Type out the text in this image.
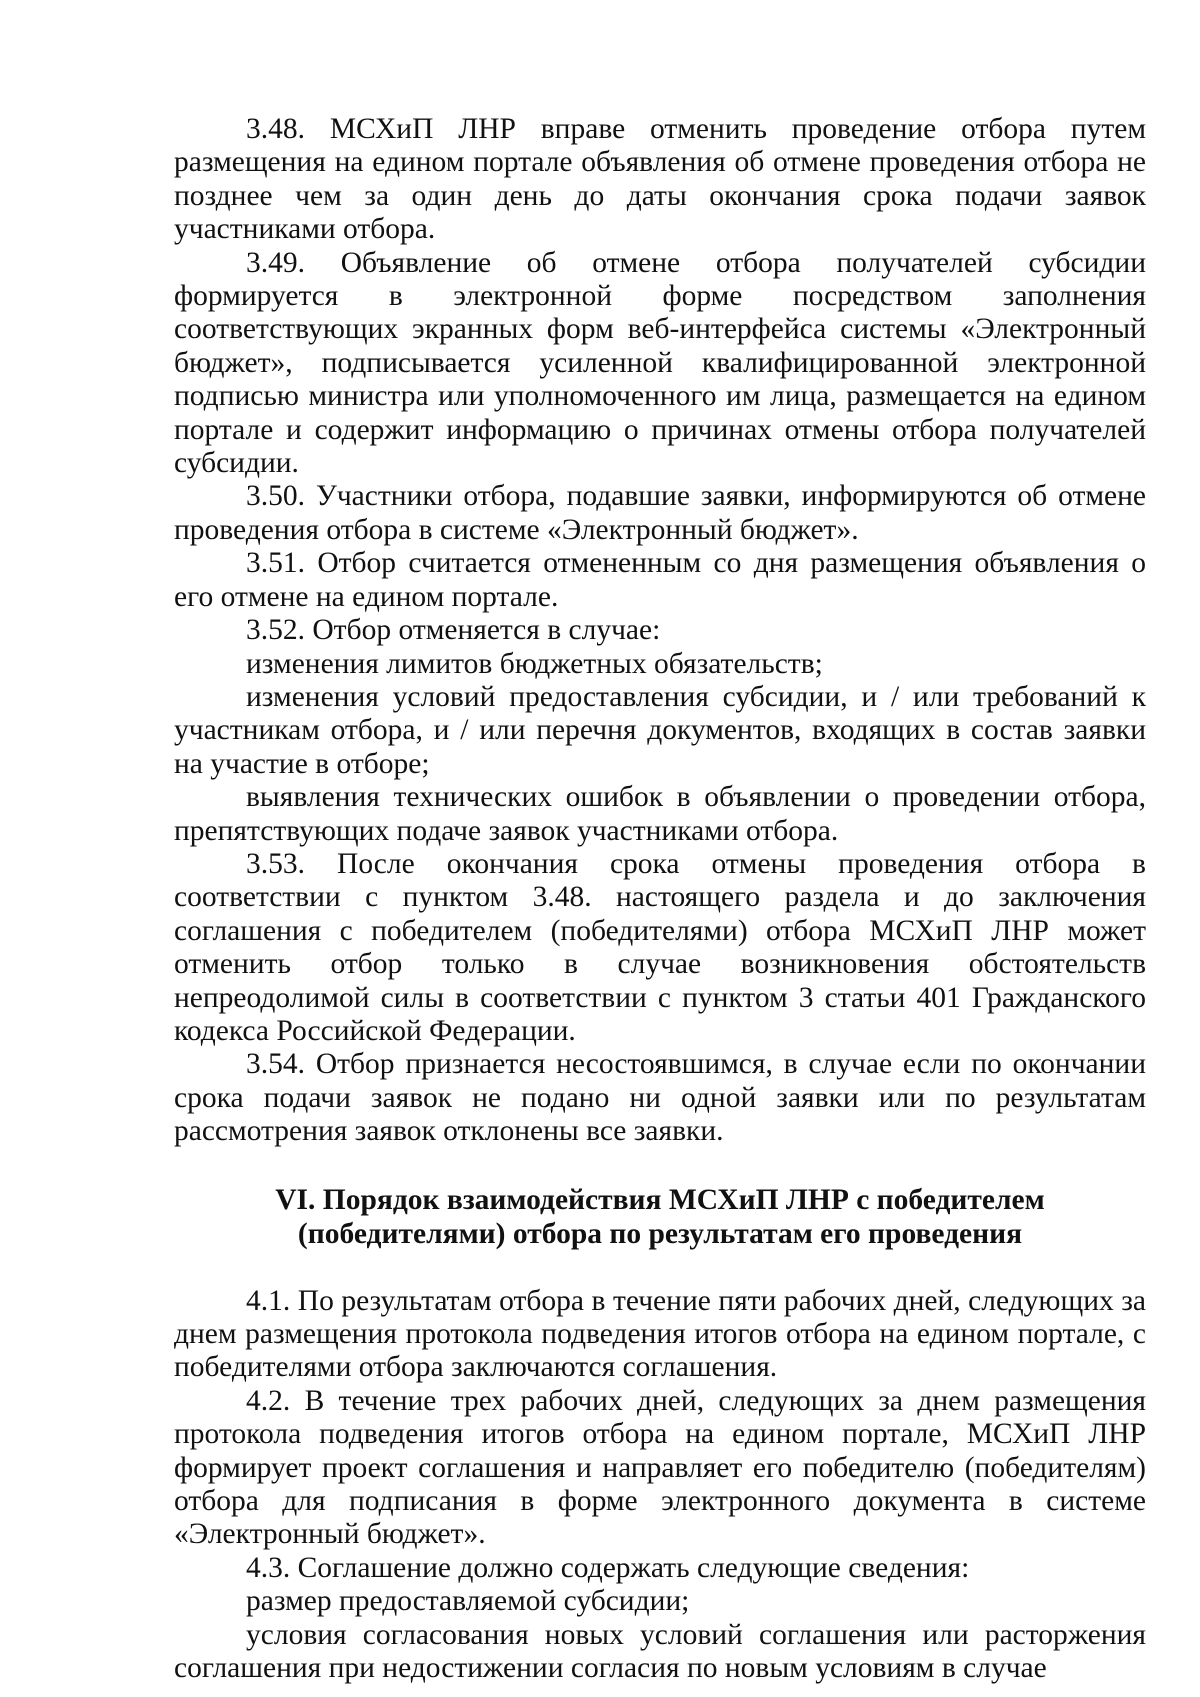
3.48. МСХиП ЛНР вправе отменить проведение отбора путем размещения на едином портале объявления об отмене проведения отбора не позднее чем за один день до даты окончания срока подачи заявок участниками отбора.

3.49. Объявление об отмене отбора получателей субсидии формируется в электронной форме посредством заполнения соответствующих экранных форм веб-интерфейса системы «Электронный бюджет», подписывается усиленной квалифицированной электронной подписью министра или уполномоченного им лица, размещается на едином портале и содержит информацию о причинах отмены отбора получателей субсидии.

3.50. Участники отбора, подавшие заявки, информируются об отмене проведения отбора в системе «Электронный бюджет».

3.51. Отбор считается отмененным со дня размещения объявления о его отмене на едином портале.

3.52. Отбор отменяется в случае:

изменения лимитов бюджетных обязательств;

изменения условий предоставления субсидии, и / или требований к участникам отбора, и / или перечня документов, входящих в состав заявки на участие в отборе;

выявления технических ошибок в объявлении о проведении отбора, препятствующих подаче заявок участниками отбора.

3.53. После окончания срока отмены проведения отбора в соответствии с пунктом 3.48. настоящего раздела и до заключения соглашения с победителем (победителями) отбора МСХиП ЛНР может отменить отбор только в случае возникновения обстоятельств непреодолимой силы в соответствии с пунктом 3 статьи 401 Гражданского кодекса Российской Федерации.

3.54. Отбор признается несостоявшимся, в случае если по окончании срока подачи заявок не подано ни одной заявки или по результатам рассмотрения заявок отклонены все заявки.

VI. Порядок взаимодействия МСХиП ЛНР с победителем
(победителями) отбора по результатам его проведения

4.1. По результатам отбора в течение пяти рабочих дней, следующих за днем размещения протокола подведения итогов отбора на едином портале, с победителями отбора заключаются соглашения.

4.2. В течение трех рабочих дней, следующих за днем размещения протокола подведения итогов отбора на едином портале, МСХиП ЛНР формирует проект соглашения и направляет его победителю (победителям) отбора для подписания в форме электронного документа в системе «Электронный бюджет».

4.3. Соглашение должно содержать следующие сведения:

размер предоставляемой субсидии;

условия согласования новых условий соглашения или расторжения соглашения при недостижении согласия по новым условиям в случае
